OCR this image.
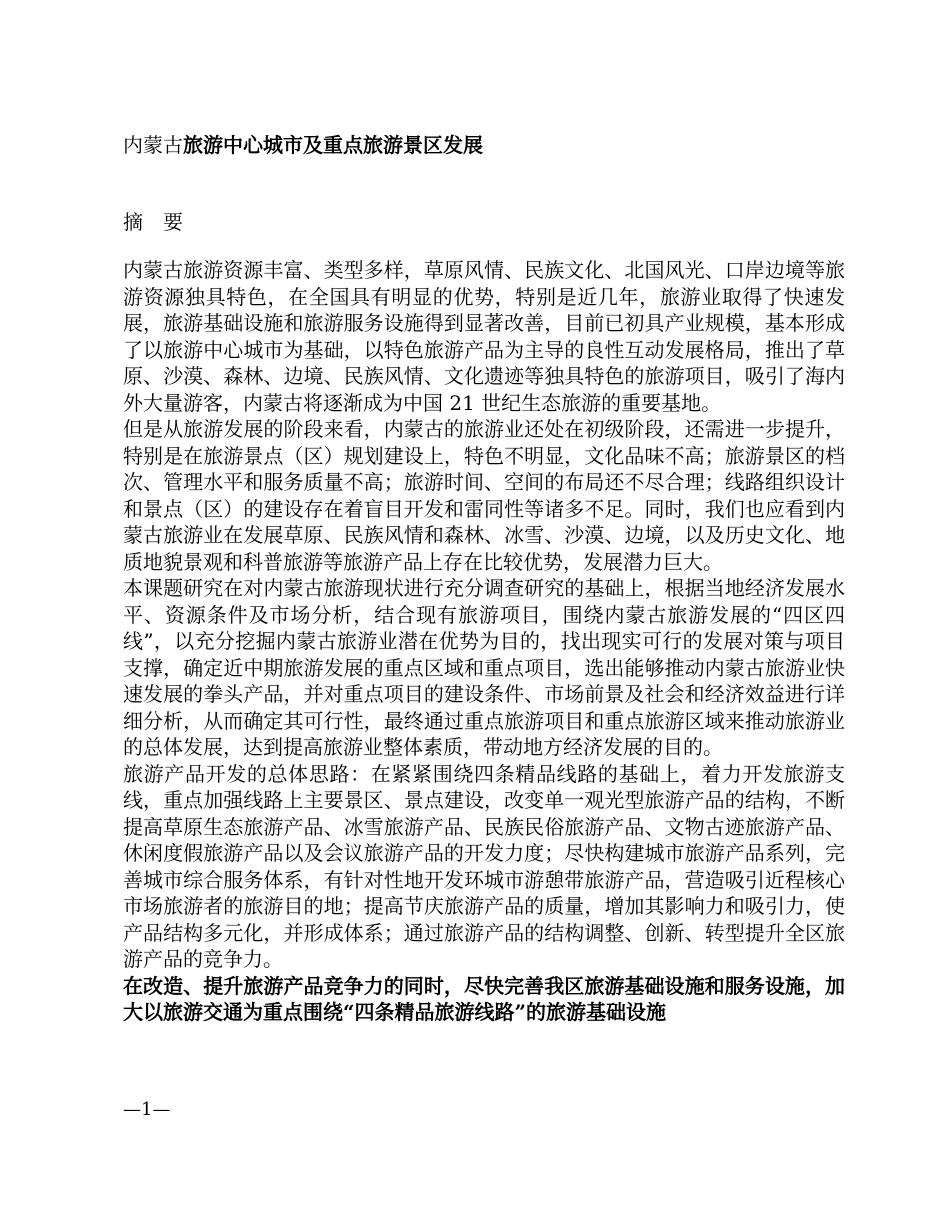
内蒙古旅游中心城市及重点旅游景区发展
摘要

内蒙古旅游资源丰富、类型多样，草原风情、民族文化、北国风光、口岸边境等旅游资源独具特色，在全国具有明显的优势，特别是近几年，旅游业取得了快速发展，旅游基础设施和旅游服务设施得到显著改善，目前已初具产业规模，基本形成了以旅游中心城市为基础，以特色旅游产品为主导的良性互动发展格局，推出了草原、沙漠、森林、边境、民族风情、文化遗迹等独具特色的旅游项目，吸引了海内外大量游客，内蒙古将逐渐成为中国 21 世纪生态旅游的重要基地。

但是从旅游发展的阶段来看，内蒙古的旅游业还处在初级阶段，还需进一步提升，特别是在旅游景点（区）规划建设上，特色不明显，文化品味不高；旅游景区的档次、管理水平和服务质量不高；旅游时间、空间的布局还不尽合理；线路组织设计和景点（区）的建设存在着盲目开发和雷同性等诸多不足。同时，我们也应看到内蒙古旅游业在发展草原、民族风情和森林、冰雪、沙漠、边境，以及历史文化、地质地貌景观和科普旅游等旅游产品上存在比较优势，发展潜力巨大。

本课题研究在对内蒙古旅游现状进行充分调查研究的基础上，根据当地经济发展水平、资源条件及市场分析，结合现有旅游项目，围绕内蒙古旅游发展的“四区四线”，以充分挖掘内蒙古旅游业潜在优势为目的，找出现实可行的发展对策与项目支撑，确定近中期旅游发展的重点区域和重点项目，选出能够推动内蒙古旅游业快速发展的拳头产品，并对重点项目的建设条件、市场前景及社会和经济效益进行详细分析，从而确定其可行性，最终通过重点旅游项目和重点旅游区域来推动旅游业的总体发展，达到提高旅游业整体素质，带动地方经济发展的目的。

旅游产品开发的总体思路：在紧紧围绕四条精品线路的基础上，着力开发旅游支线，重点加强线路上主要景区、景点建设，改变单一观光型旅游产品的结构，不断提高草原生态旅游产品、冰雪旅游产品、民族民俗旅游产品、文物古迹旅游产品、休闲度假旅游产品以及会议旅游产品的开发力度；尽快构建城市旅游产品系列，完善城市综合服务体系，有针对性地开发环城市游憩带旅游产品，营造吸引近程核心市场旅游者的旅游目的地；提高节庆旅游产品的质量，增加其影响力和吸引力，使产品结构多元化，并形成体系；通过旅游产品的结构调整、创新、转型提升全区旅游产品的竞争力。

在改造、提升旅游产品竞争力的同时，尽快完善我区旅游基础设施和服务设施，加大以旅游交通为重点围绕“四条精品旅游线路”的旅游基础设施

—1—
